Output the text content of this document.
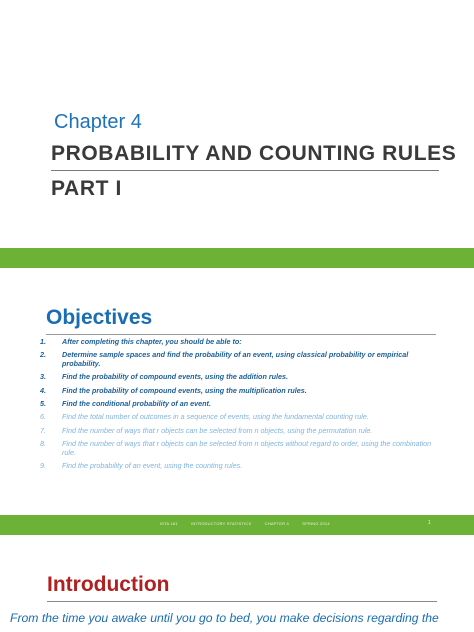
Chapter 4
PROBABILITY AND COUNTING RULES
PART I
Objectives
1. After completing this chapter, you should be able to:
2. Determine sample spaces and find the probability of an event, using classical probability or empirical probability.
3. Find the probability of compound events, using the addition rules.
4. Find the probability of compound events, using the multiplication rules.
5. Find the conditional probability of an event.
6. Find the total number of outcomes in a sequence of events, using the fundamental counting rule.
7. Find the number of ways that r objects can be selected from n objects, using the permutation rule.
8. Find the number of ways that r objects can be selected from n objects without regard to order, using the combination rule.
9. Find the probability of an event, using the counting rules.
ISTA 161	INTRODUCTORY STATISTICS	CHAPTER 4	SPRING 2014	1
Introduction
From the time you awake until you go to bed, you make decisions regarding the
